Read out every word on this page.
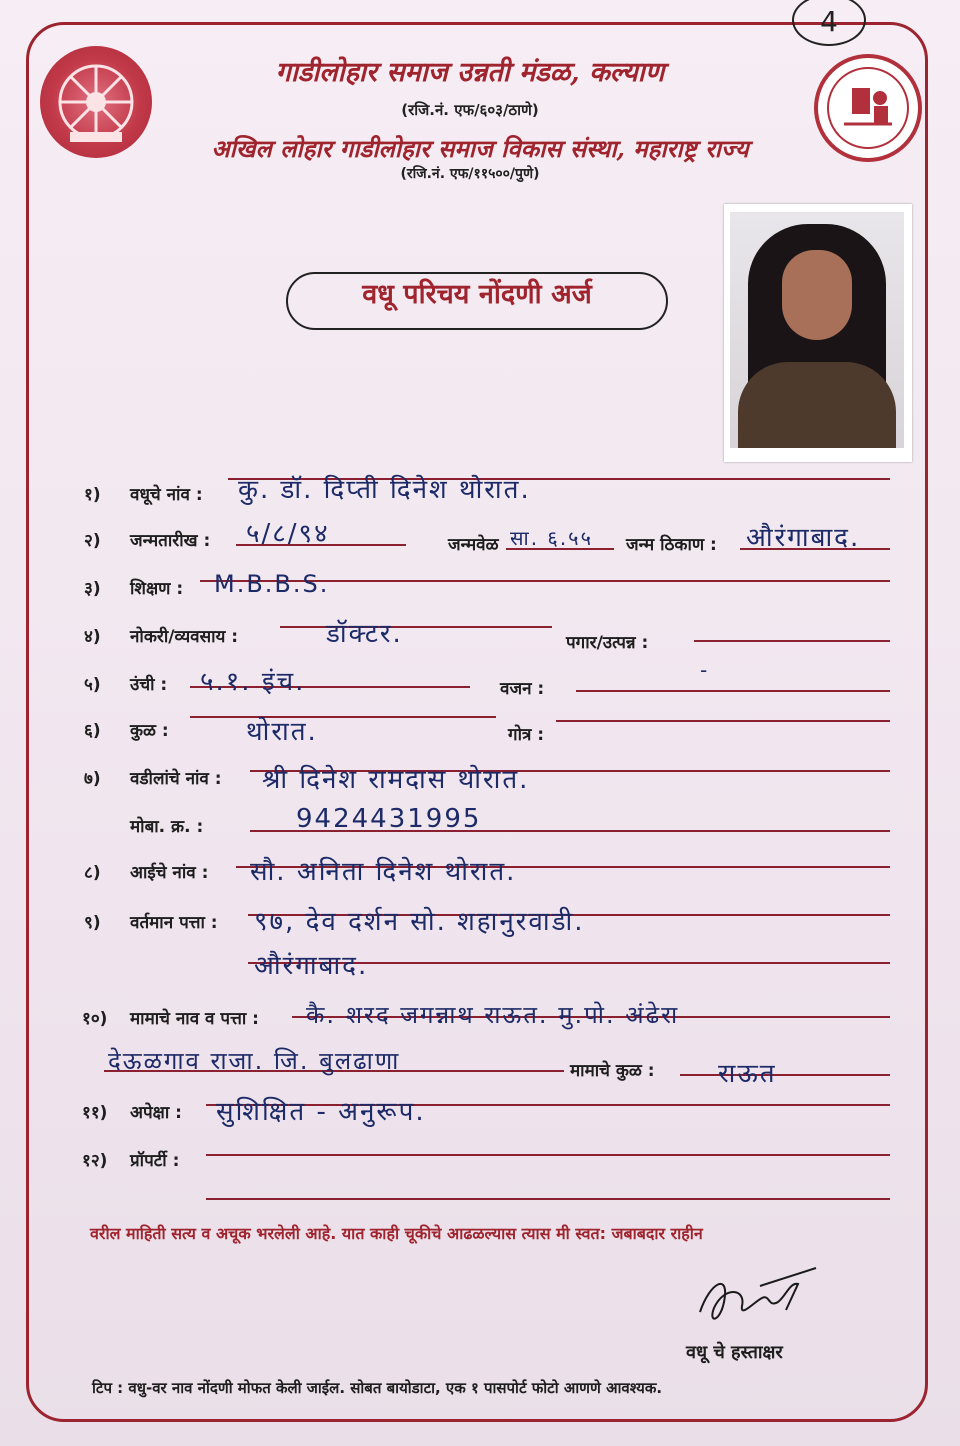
4
गाडीलोहार समाज उन्नती मंडळ, कल्याण
(रजि.नं. एफ/६०३/ठाणे)
अखिल लोहार गाडीलोहार समाज विकास संस्था, महाराष्ट्र राज्य
(रजि.नं. एफ/११५००/पुणे)
वधू परिचय नोंदणी अर्ज
१) वधूचे नांव : कु. डॉ. दिप्ती दिनेश थोरात.
२) जन्मतारीख : ५/८/९४	जन्मवेळ सा. ६.५५ जन्म ठिकाण : औरंगाबाद.
३) शिक्षण : M.B.B.S.
४) नोकरी/व्यवसाय :	डॉक्टर.	पगार/उत्पन्न :
५) उंची : ५.१. इंच.	वजन :
-
६) कुळ :	थोरात.	गोत्र :
७) वडीलांचे नांव : श्री दिनेश रामदास थोरात.
मोबा. क्र. :	9424431995
८) आईचे नांव : सौ. अनिता दिनेश थोरात.
९) वर्तमान पत्ता : ९७, देव दर्शन सो. शहानुरवाडी.
औरंगाबाद.
१०) मामाचे नाव व पत्ता : कै. शरद जगन्नाथ राऊत. मु.पो. अंढेरा
देऊळगाव राजा. जि. बुलढाणा	मामाचे कुळ : राऊत
११) अपेक्षा : सुशिक्षित - अनुरूप.
१२) प्रॉपर्टी :
वरील माहिती सत्य व अचूक भरलेली आहे. यात काही चूकीचे आढळल्यास त्यास मी स्वत: जबाबदार राहीन
वधू चे हस्ताक्षर
टिप : वधु-वर नाव नोंदणी मोफत केली जाईल. सोबत बायोडाटा, एक १ पासपोर्ट फोटो आणणे आवश्यक.
